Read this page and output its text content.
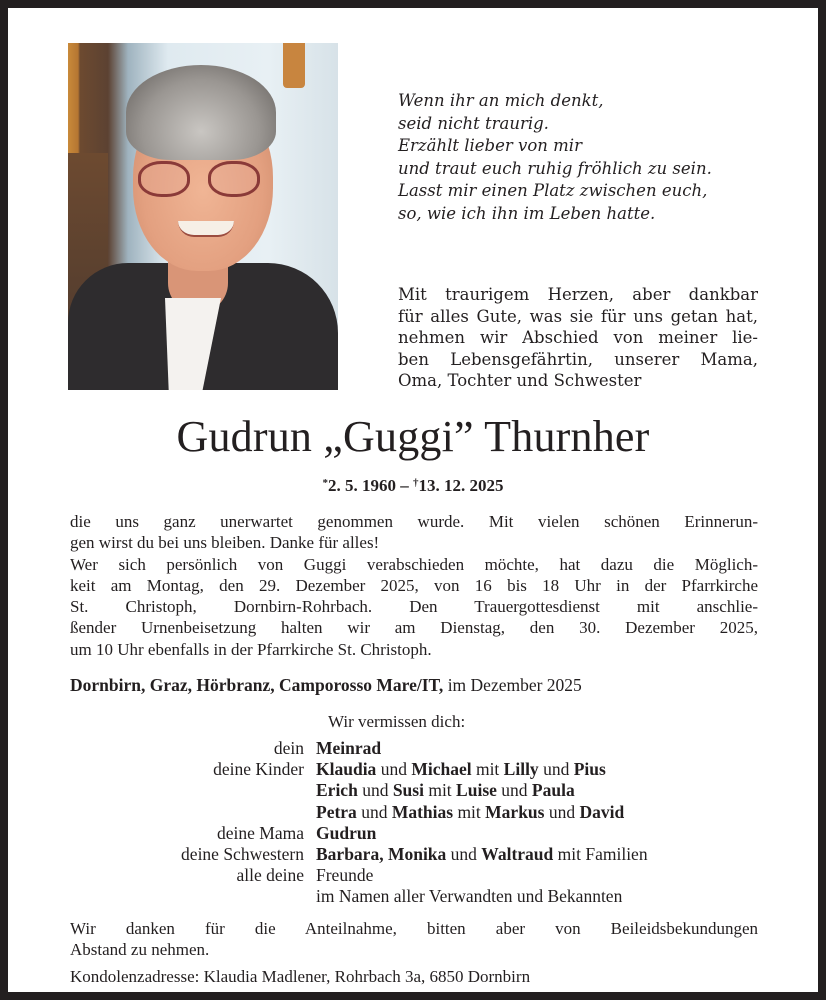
Wenn ihr an mich denkt,
seid nicht traurig.
Erzählt lieber von mir
und traut euch ruhig fröhlich zu sein.
Lasst mir einen Platz zwischen euch,
so, wie ich ihn im Leben hatte.
Mit traurigem Herzen, aber dankbar
für alles Gute, was sie für uns getan hat,
nehmen wir Abschied von meiner lie-
ben Lebensgefährtin, unserer Mama,
Oma, Tochter und Schwester
Gudrun „Guggi” Thurnher
*2. 5. 1960 – †13. 12. 2025
die uns ganz unerwartet genommen wurde. Mit vielen schönen Erinnerun-
gen wirst du bei uns bleiben. Danke für alles!
Wer sich persönlich von Guggi verabschieden möchte, hat dazu die Möglich-
keit am Montag, den 29. Dezember 2025, von 16 bis 18 Uhr in der Pfarrkirche
St. Christoph, Dornbirn-Rohrbach. Den Trauergottesdienst mit anschlie-
ßender Urnenbeisetzung halten wir am Dienstag, den 30. Dezember 2025,
um 10 Uhr ebenfalls in der Pfarrkirche St. Christoph.
Dornbirn, Graz, Hörbranz, Camporosso Mare/IT, im Dezember 2025
Wir vermissen dich:
dein Meinrad
deine Kinder Klaudia und Michael mit Lilly und Pius
Erich und Susi mit Luise und Paula
Petra und Mathias mit Markus und David
deine Mama Gudrun
deine Schwestern Barbara, Monika und Waltraud mit Familien
alle deine Freunde
im Namen aller Verwandten und Bekannten
Wir danken für die Anteilnahme, bitten aber von Beileidsbekundungen
Abstand zu nehmen.
Kondolenzadresse: Klaudia Madlener, Rohrbach 3a, 6850 Dornbirn
